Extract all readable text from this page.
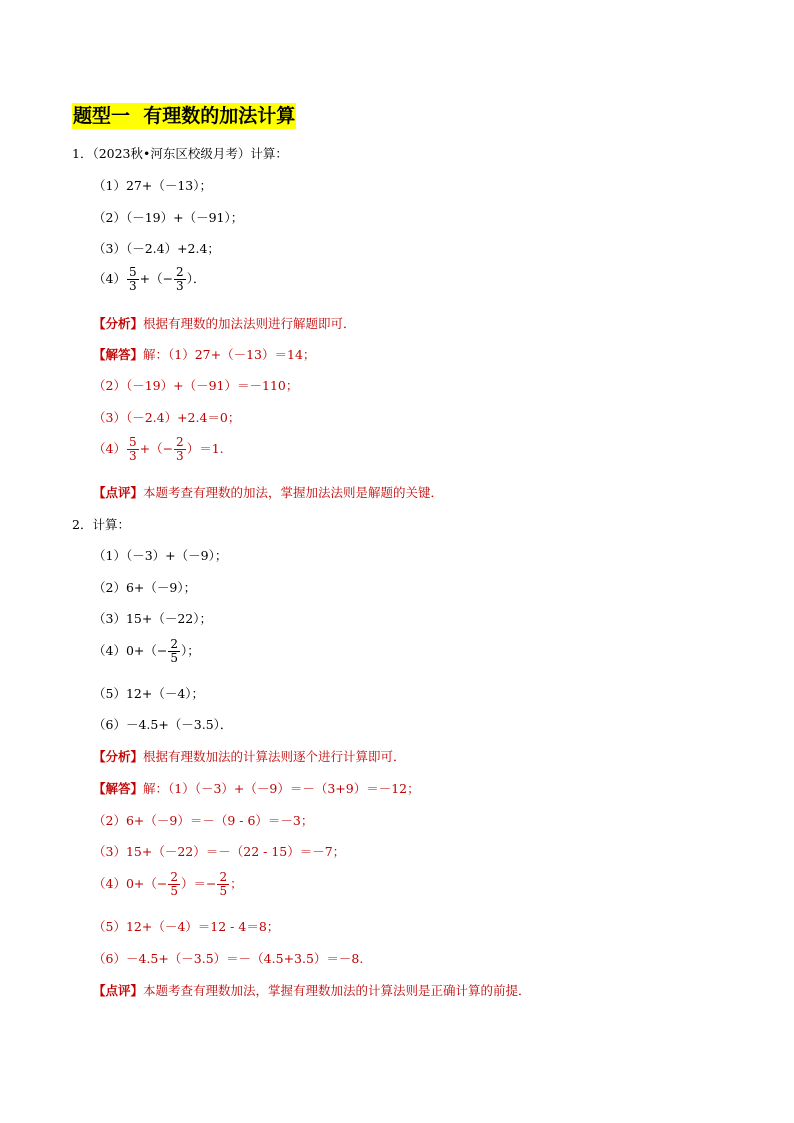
题型一  有理数的加法计算
1．（2023秋•河东区校级月考）计算：
（1）27+（－13）；
（2）（－19）+（－91）；
（3）（－2.4）+2.4；
$(4) \frac{5}{3}$ +（− $\frac{2}{3}$ ）．
【分析】根据有理数的加法法则进行解题即可．
【解答】解：（1）27+（－13）＝14；
（2）（－19）+（－91）＝－110；
（3）（－2.4）+2.4＝0；
$(4) \frac{5}{3}$ +（− $\frac{2}{3} )=1$.
【点评】本题考查有理数的加法，掌握加法法则是解题的关键．
2．计算：
（1）（－3）+（－9）；
（2）6+（－9）；
（3）15+（－22）；
$(4)0+(- \frac{2}{5}$ ）；
（5）12+（－4）；
（6）－4.5+（－3.5）．
【分析】根据有理数加法的计算法则逐个进行计算即可．
【解答】解：（1）（－3）+（－9）＝－（3+9）＝－12；
（2）6+（－9）＝－（9 - 6）＝－3；
（3）15+（－22）＝－（22 - 15）＝－7；
$(4)0+(- \frac{2}{5}$ ）＝− $\frac{2}{5}$ ；
（5）12+（－4）＝12 - 4＝8；
（6）－4.5+（－3.5）＝－（4.5+3.5）＝－8.
【点评】本题考查有理数加法，掌握有理数加法的计算法则是正确计算的前提．
